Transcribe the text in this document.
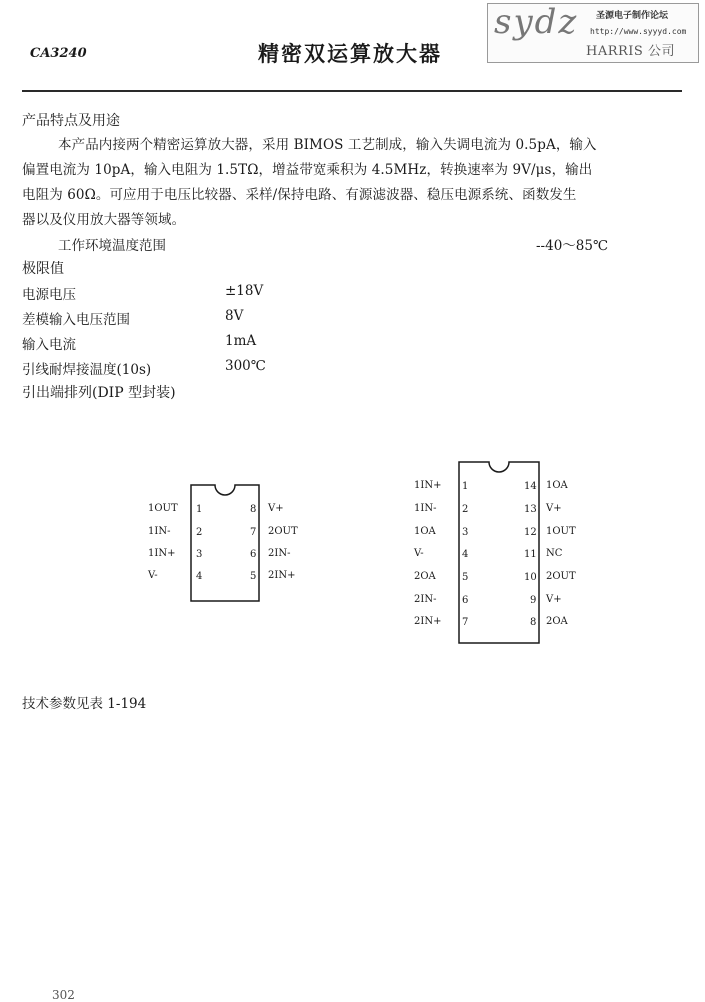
CA3240	精密双运算放大器
sydz 圣源电子制作论坛
http://www.syyyd.com
HARRIS 公司
产品特点及用途
本产品内接两个精密运算放大器，采用 BIMOS 工艺制成，输入失调电流为 0.5pA，输入
偏置电流为 10pA，输入电阻为 1.5TΩ，增益带宽乘积为 4.5MHz，转换速率为 9V/μs，输出
电阻为 60Ω。可应用于电压比较器、采样/保持电路、有源滤波器、稳压电源系统、函数发生
器以及仪用放大器等领域。
工作环境温度范围	--40～85℃
极限值
电源电压	±18V
差模输入电压范围	8V
输入电流	1mA
引线耐焊接温度(10s)	300℃
引出端排列(DIP 型封装)
1OUT 1
1IN-	2
1IN+ 3
V-	4
8 V+
7 2OUT
6 2IN-
5 2IN+
1IN+ 1
1IN-	2
1OA	3
V-	4
2OA	5
2IN-	6
2IN+ 7
14 1OA
13 V+
12 1OUT
11 NC
10 2OUT
9 V+
8 2OA
技术参数见表 1-194
302
